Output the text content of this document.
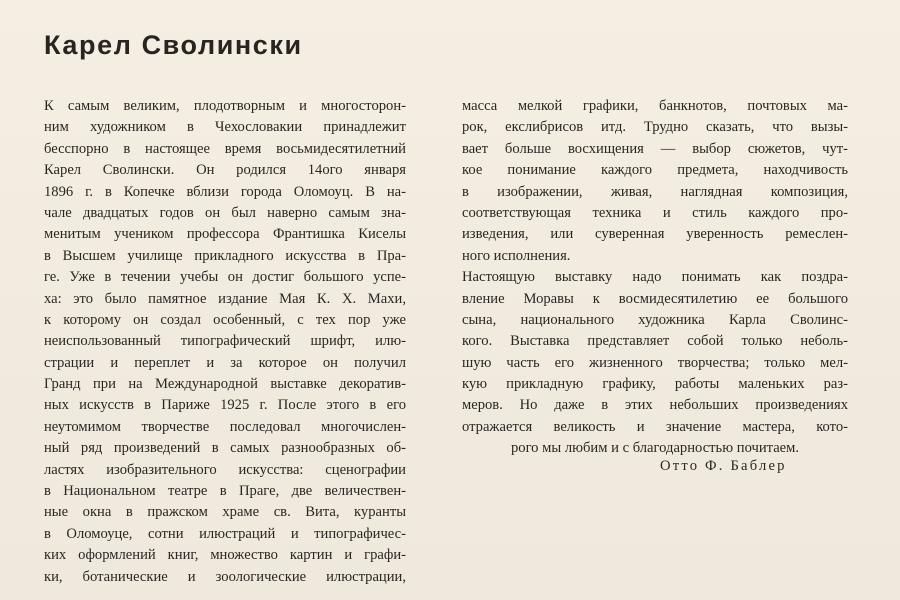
Карел Сволински
К самым великим, плодотворным и многосторон-
ним художником в Чехословакии принадлежит
бесспорно в настоящее время восьмидесятилетний
Карел Сволински. Он родился 14ого января
1896 г. в Копечке вблизи города Оломоуц. В на-
чале двадцатых годов он был наверно самым зна-
менитым учеником профессора Франтишка Киселы
в Высшем училище прикладного искусства в Пра-
ге. Уже в течении учебы он достиг большого успе-
ха: это было памятное издание Мая К. Х. Махи,
к которому он создал особенный, с тех пор уже
неиспользованный типографический шрифт, илю-
страции и переплет и за которое он получил
Гранд при на Международной выставке декоратив-
ных искусств в Париже 1925 г. После этого в его
неутомимом творчестве последовал многочислен-
ный ряд произведений в самых разнообразных об-
ластях изобразительного искусства: сценографии
в Национальном театре в Праге, две величествен-
ные окна в пражском храме св. Вита, куранты
в Оломоуце, сотни илюстраций и типографичес-
ких оформлений книг, множество картин и графи-
ки, ботанические и зоологические илюстрации,
масса мелкой графики, банкнотов, почтовых ма-
рок, екслибрисов итд. Трудно сказать, что вызы-
вает больше восхищения — выбор сюжетов, чут-
кое понимание каждого предмета, находчивость
в изображении, живая, наглядная композиция,
соответствующая техника и стиль каждого про-
изведения, или суверенная уверенность ремеслен-
ного исполнения.
Настоящую выставку надо понимать как поздра-
вление Моравы к восмидесятилетию ее большого
сына, национального художника Карла Сволинс-
кого. Выставка представляет собой только неболь-
шую часть его жизненного творчества; только мел-
кую прикладную графику, работы маленьких раз-
меров. Но даже в этих небольших произведениях
отражается великость и значение мастера, кото-
рого мы любим и с благодарностью почитаем.
Отто Ф. Баблер
